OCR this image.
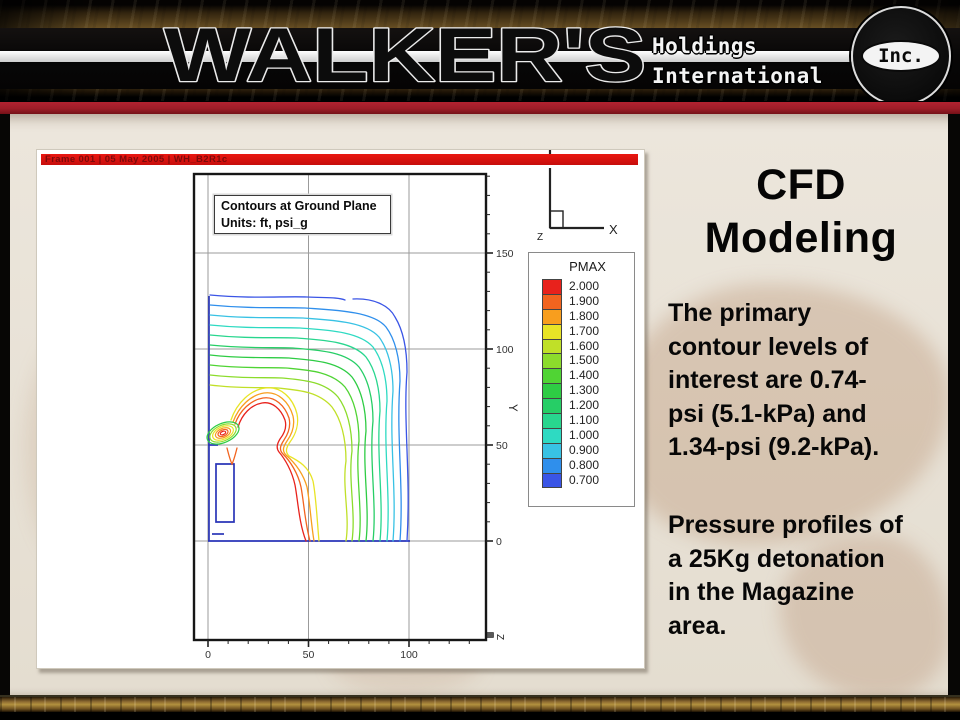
WALKER'S Holdings
International
Inc.
Frame 001 | 05 May 2005 | WH_B2R1c
X
Z
Y
Z
0	50	100
0
50
100
150
Contours at Ground Plane
Units: ft, psi_g
PMAX
2.000
1.900
1.800
1.700
1.600
1.500
1.400
1.300
1.200
1.100
1.000
0.900
0.800
0.700
CFD
Modeling
The primary
contour levels of
interest are 0.74-
psi (5.1-kPa) and
1.34-psi (9.2-kPa).
Pressure profiles of
a 25Kg detonation
in the Magazine
area.
